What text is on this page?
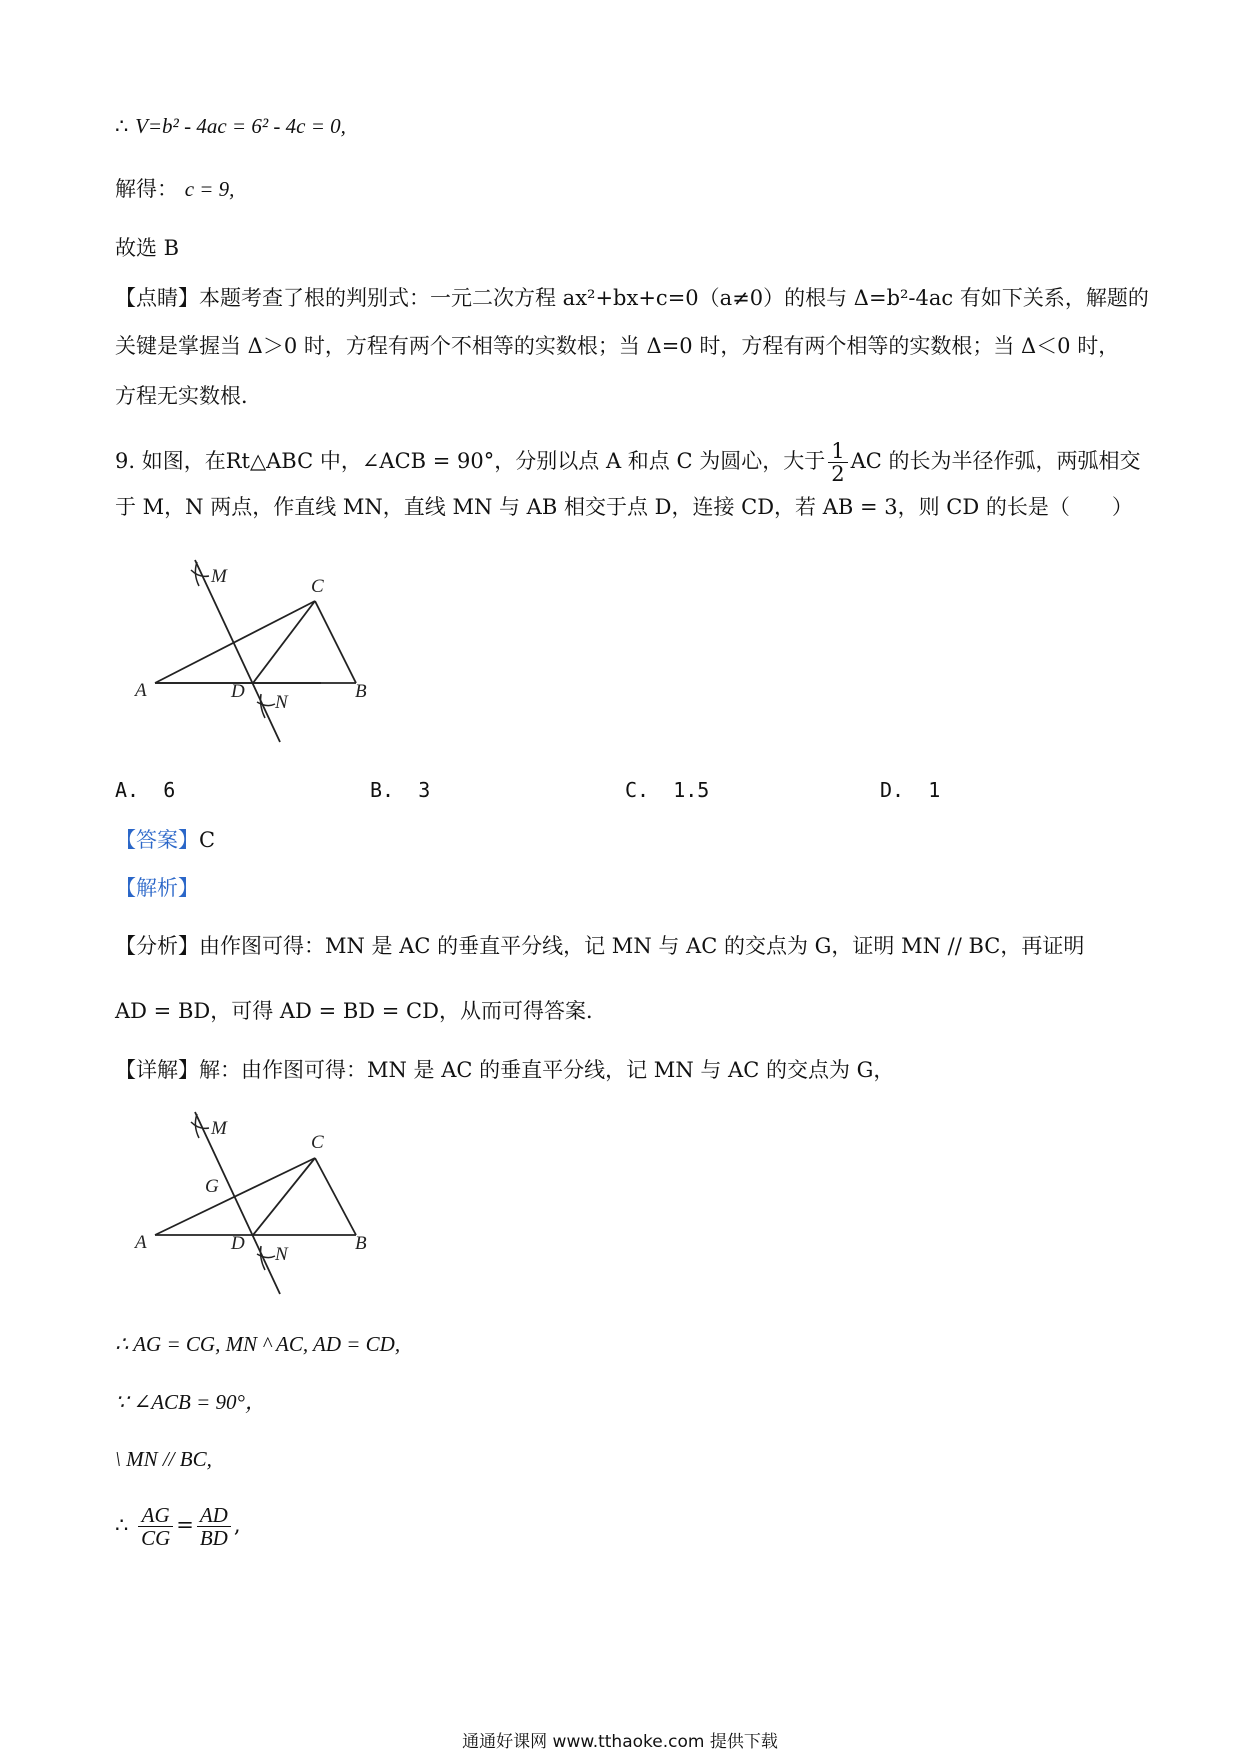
∴ V=b² - 4ac = 6² - 4c = 0,
解得： c = 9,
故选 B
【点睛】本题考查了根的判别式：一元二次方程 ax²+bx+c=0（a≠0）的根与 Δ=b²-4ac 有如下关系，解题的
关键是掌握当 Δ＞0 时，方程有两个不相等的实数根；当 Δ=0 时，方程有两个相等的实数根；当 Δ＜0 时，
方程无实数根．
9. 如图，在Rt△ABC 中，∠ACB = 90°，分别以点 A 和点 C 为圆心，大于 $\frac{1}{2}$ AC 的长为半径作弧，两弧相交
于 M，N 两点，作直线 MN，直线 MN 与 AB 相交于点 D，连接 CD，若 AB = 3，则 CD 的长是（　　）
M	C
A	D
N
B
A. 6	B. 3	C. 1.5	D. 1
【答案】C
【解析】
【分析】由作图可得：MN 是 AC 的垂直平分线，记 MN 与 AC 的交点为 G，证明 MN // BC，再证明
AD = BD，可得 AD = BD = CD，从而可得答案．
【详解】解：由作图可得：MN 是 AC 的垂直平分线，记 MN 与 AC 的交点为 G，
M
C
G
A	D
N
B
∴ AG = CG, MN ^ AC, AD = CD,
∵ ∠ACB = 90°，
\ MN // BC,
∴ $\frac{AG}{CG} = \frac{AD}{BD}$ ,
通通好课网 www.tthaoke.com 提供下载
